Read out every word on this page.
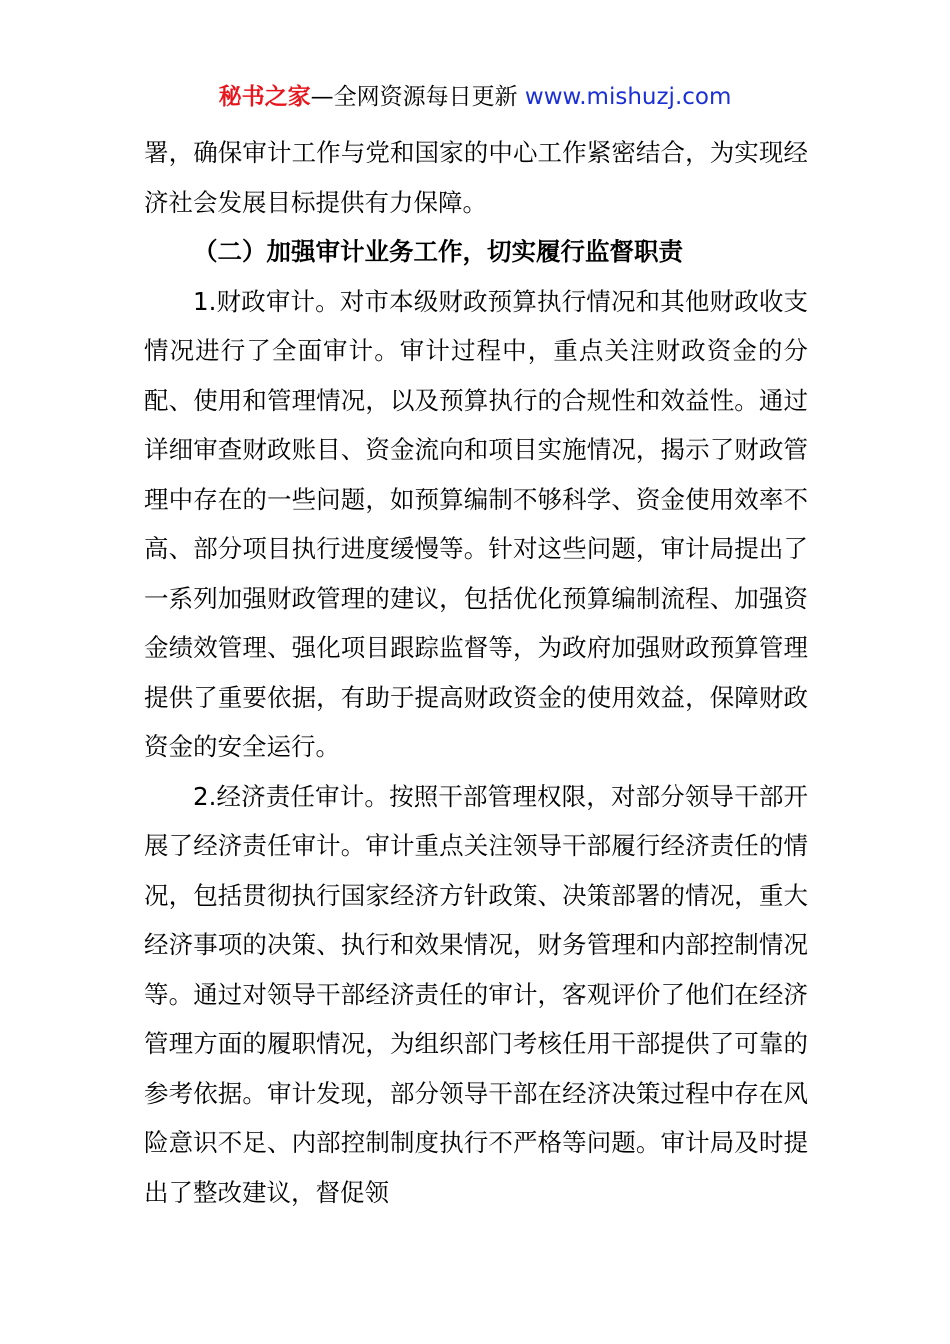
秘书之家—全网资源每日更新 www.mishuzj.com

署，确保审计工作与党和国家的中心工作紧密结合，为实现经济社会发展目标提供有力保障。

（二）加强审计业务工作，切实履行监督职责

1.财政审计。对市本级财政预算执行情况和其他财政收支情况进行了全面审计。审计过程中，重点关注财政资金的分配、使用和管理情况，以及预算执行的合规性和效益性。通过详细审查财政账目、资金流向和项目实施情况，揭示了财政管理中存在的一些问题，如预算编制不够科学、资金使用效率不高、部分项目执行进度缓慢等。针对这些问题，审计局提出了一系列加强财政管理的建议，包括优化预算编制流程、加强资金绩效管理、强化项目跟踪监督等，为政府加强财政预算管理提供了重要依据，有助于提高财政资金的使用效益，保障财政资金的安全运行。

2.经济责任审计。按照干部管理权限，对部分领导干部开展了经济责任审计。审计重点关注领导干部履行经济责任的情况，包括贯彻执行国家经济方针政策、决策部署的情况，重大经济事项的决策、执行和效果情况，财务管理和内部控制情况等。通过对领导干部经济责任的审计，客观评价了他们在经济管理方面的履职情况，为组织部门考核任用干部提供了可靠的参考依据。审计发现，部分领导干部在经济决策过程中存在风险意识不足、内部控制制度执行不严格等问题。审计局及时提出了整改建议，督促领
